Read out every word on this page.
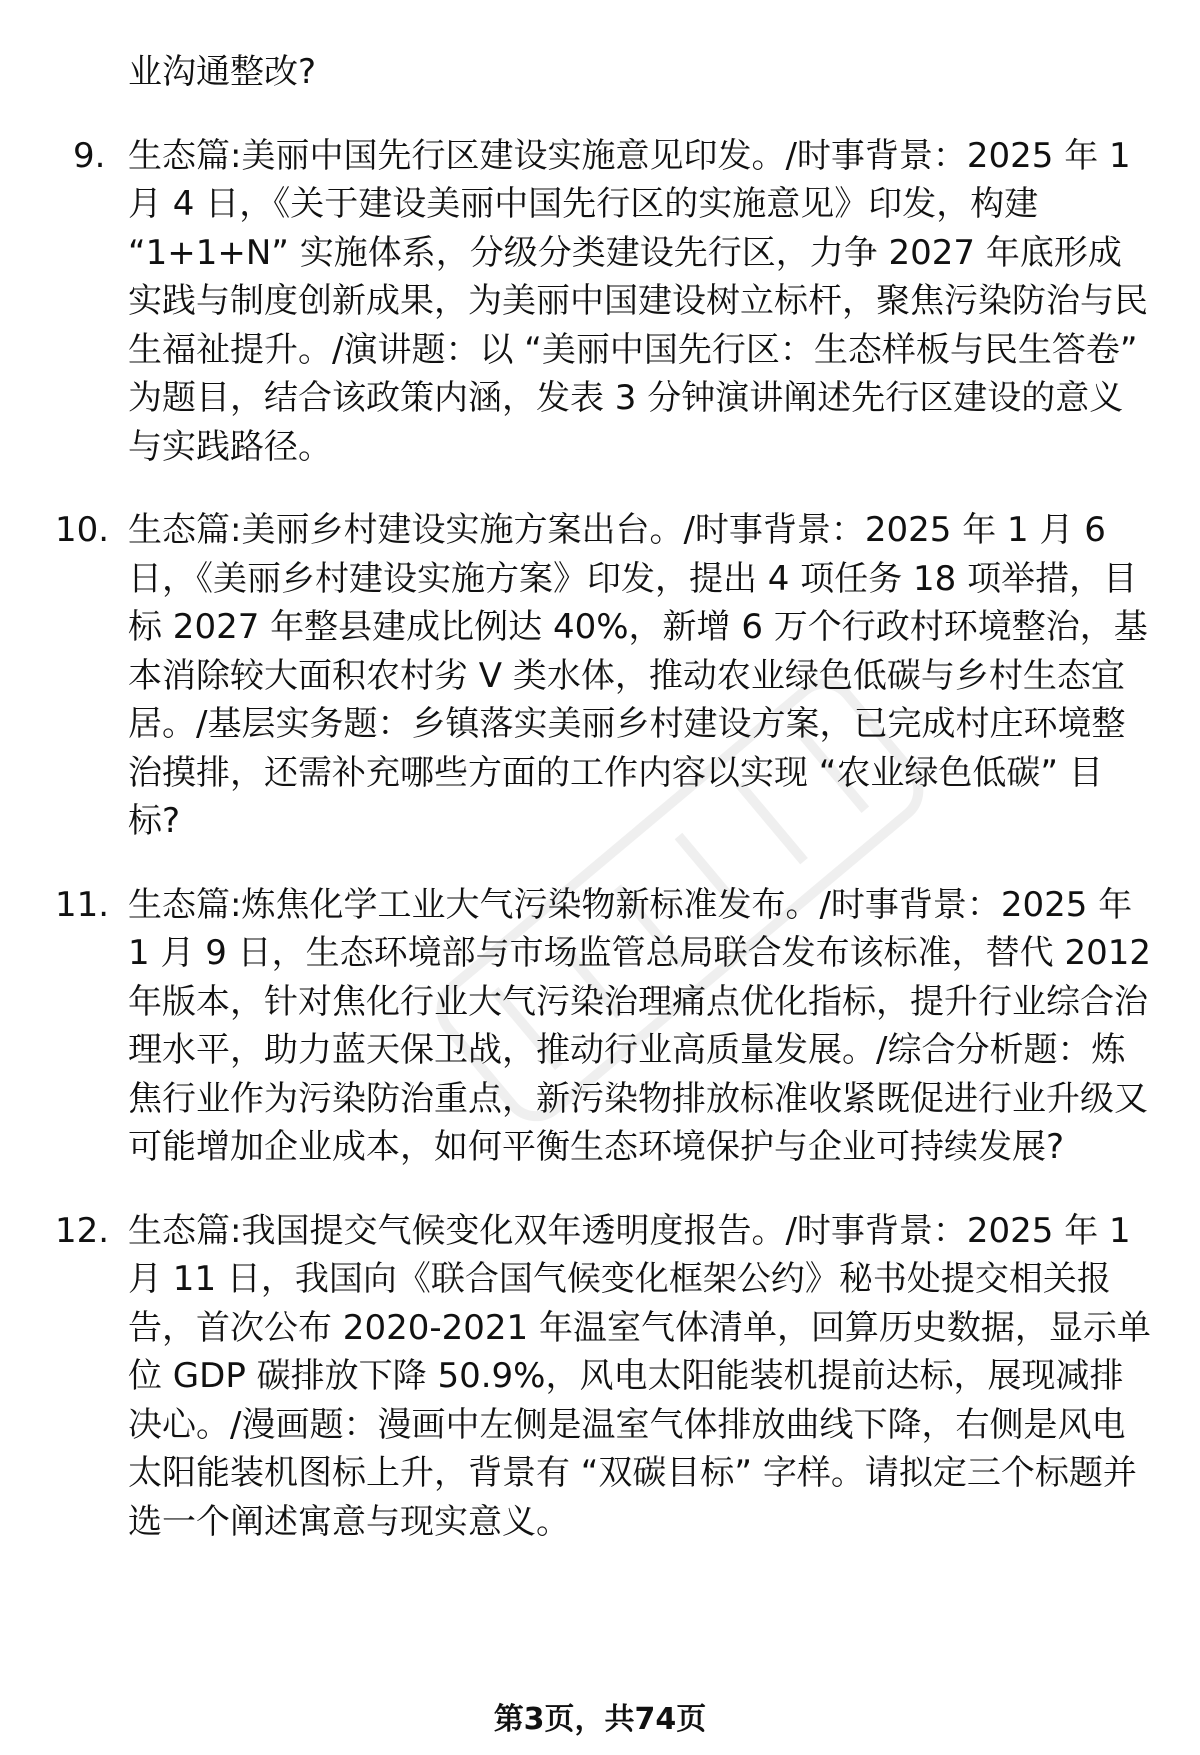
业沟通整改?

9. 生态篇:美丽中国先行区建设实施意见印发。/时事背景：2025 年 1 月 4 日，《关于建设美丽中国先行区的实施意见》印发，构建 “1+1+N” 实施体系，分级分类建设先行区，力争 2027 年底形成实践与制度创新成果，为美丽中国建设树立标杆，聚焦污染防治与民生福祉提升。/演讲题：以 “美丽中国先行区：生态样板与民生答卷” 为题目，结合该政策内涵，发表 3 分钟演讲阐述先行区建设的意义与实践路径。
10. 生态篇:美丽乡村建设实施方案出台。/时事背景：2025 年 1 月 6 日，《美丽乡村建设实施方案》印发，提出 4 项任务 18 项举措，目标 2027 年整县建成比例达 40%，新增 6 万个行政村环境整治，基本消除较大面积农村劣 V 类水体，推动农业绿色低碳与乡村生态宜居。/基层实务题：乡镇落实美丽乡村建设方案，已完成村庄环境整治摸排，还需补充哪些方面的工作内容以实现 “农业绿色低碳” 目标?
11. 生态篇:炼焦化学工业大气污染物新标准发布。/时事背景：2025 年 1 月 9 日，生态环境部与市场监管总局联合发布该标准，替代 2012 年版本，针对焦化行业大气污染治理痛点优化指标，提升行业综合治理水平，助力蓝天保卫战，推动行业高质量发展。/综合分析题：炼焦行业作为污染防治重点，新污染物排放标准收紧既促进行业升级又可能增加企业成本，如何平衡生态环境保护与企业可持续发展?
12. 生态篇:我国提交气候变化双年透明度报告。/时事背景：2025 年 1 月 11 日，我国向《联合国气候变化框架公约》秘书处提交相关报告，首次公布 2020-2021 年温室气体清单，回算历史数据，显示单位 GDP 碳排放下降 50.9%，风电太阳能装机提前达标，展现减排决心。/漫画题：漫画中左侧是温室气体排放曲线下降，右侧是风电太阳能装机图标上升，背景有 “双碳目标” 字样。请拟定三个标题并选一个阐述寓意与现实意义。
第3页，共74页
